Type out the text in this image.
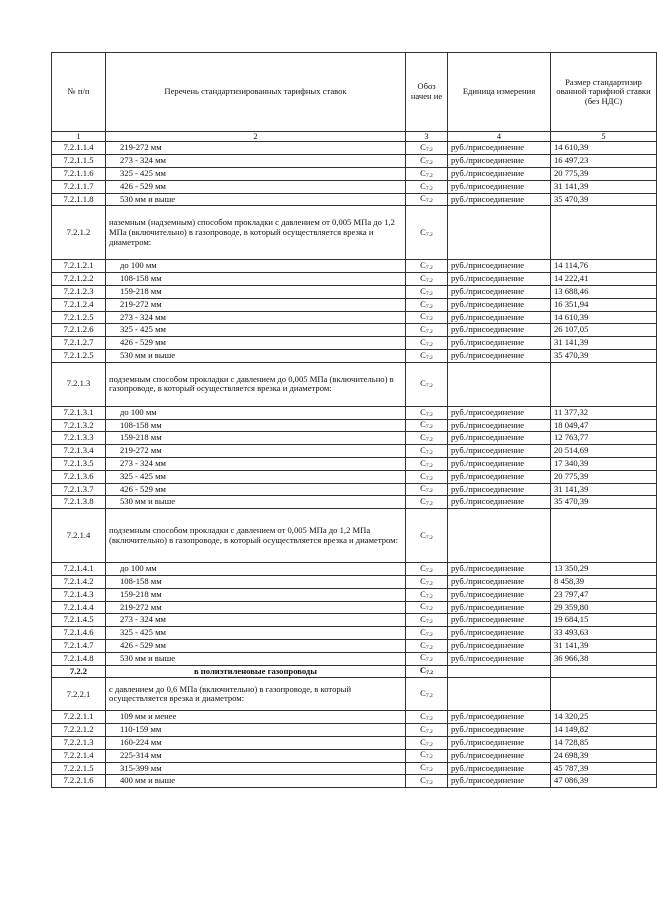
№ п/п	Перечень стандартизированных тарифных ставок	Обоз начен ие	Единица измерения	Размер стандартизир ованной тарифной ставки (без НДС)
1	2	3	4	5
7.2.1.1.4	219-272 мм	С7.2	руб./присоединение	14 610,39
7.2.1.1.5	273 - 324 мм	С7.2	руб./присоединение	16 497,23
7.2.1.1.6	325 - 425 мм	С7.2	руб./присоединение	20 775,39
7.2.1.1.7	426 - 529 мм	С7.2	руб./присоединение	31 141,39
7.2.1.1.8	530 мм и выше	С7.2	руб./присоединение	35 470,39
7.2.1.2	наземным (надземным) способом прокладки с давлением от 0,005 МПа до 1,2 МПа (включительно) в газопроводе, в который осуществляется врезка и диаметром:	С7.2		
7.2.1.2.1	до 100 мм	С7.2	руб./присоединение	14 114,76
7.2.1.2.2	108-158 мм	С7.2	руб./присоединение	14 222,41
7.2.1.2.3	159-218 мм	С7.2	руб./присоединение	13 688,46
7.2.1.2.4	219-272 мм	С7.2	руб./присоединение	16 351,94
7.2.1.2.5	273 - 324 мм	С7.2	руб./присоединение	14 610,39
7.2.1.2.6	325 - 425 мм	С7.2	руб./присоединение	26 107,05
7.2.1.2.7	426 - 529 мм	С7.2	руб./присоединение	31 141,39
7.2.1.2.5	530 мм и выше	С7.2	руб./присоединение	35 470,39
7.2.1.3	подземным способом прокладки с давлением до 0,005 МПа (включительно) в газопроводе, в который осуществляется врезка и диаметром:	С7.2		
7.2.1.3.1	до 100 мм	С7.2	руб./присоединение	11 377,32
7.2.1.3.2	108-158 мм	С7.2	руб./присоединение	18 049,47
7.2.1.3.3	159-218 мм	С7.2	руб./присоединение	12 763,77
7.2.1.3.4	219-272 мм	С7.2	руб./присоединение	20 514,69
7.2.1.3.5	273 - 324 мм	С7.2	руб./присоединение	17 340,39
7.2.1.3.6	325 - 425 мм	С7.2	руб./присоединение	20 775,39
7.2.1.3.7	426 - 529 мм	С7.2	руб./присоединение	31 141,39
7.2.1.3.8	530 мм и выше	С7.2	руб./присоединение	35 470,39
7.2.1.4	подземным способом прокладки с давлением от 0,005 МПа до 1,2 МПа (включительно) в газопроводе, в который осуществляется врезка и диаметром:	С7.2		
7.2.1.4.1	до 100 мм	С7.2	руб./присоединение	13 350,29
7.2.1.4.2	108-158 мм	С7.2	руб./присоединение	8 458,39
7.2.1.4.3	159-218 мм	С7.2	руб./присоединение	23 797,47
7.2.1.4.4	219-272 мм	С7.2	руб./присоединение	29 359,80
7.2.1.4.5	273 - 324 мм	С7.2	руб./присоединение	19 684,15
7.2.1.4.6	325 - 425 мм	С7.2	руб./присоединение	33 493,63
7.2.1.4.7	426 - 529 мм	С7.2	руб./присоединение	31 141,39
7.2.1.4.8	530 мм и выше	С7.2	руб./присоединение	36 966,38
7.2.2	в полиэтиленовые газопроводы	С7.2		
7.2.2.1	с давлением до 0,6 МПа (включительно) в газопроводе, в который осуществляется врезка и диаметром:	С7.2		
7.2.2.1.1	109 мм и менее	С7.2	руб./присоединение	14 320,25
7.2.2.1.2	110-159 мм	С7.2	руб./присоединение	14 149,82
7.2.2.1.3	160-224 мм	С7.2	руб./присоединение	14 728,85
7.2.2.1.4	225-314 мм	С7.2	руб./присоединение	24 698,39
7.2.2.1.5	315-399 мм	С7.2	руб./присоединение	45 787,39
7.2.2.1.6	400 мм и выше	С7.2	руб./присоединение	47 086,39
